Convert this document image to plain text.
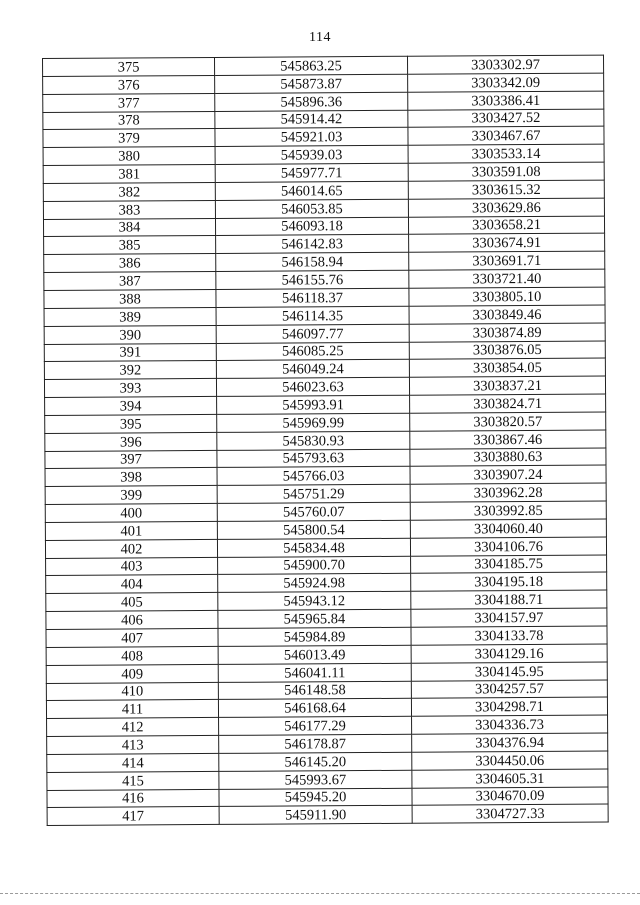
114
375	545863.25	3303302.97
376	545873.87	3303342.09
377	545896.36	3303386.41
378	545914.42	3303427.52
379	545921.03	3303467.67
380	545939.03	3303533.14
381	545977.71	3303591.08
382	546014.65	3303615.32
383	546053.85	3303629.86
384	546093.18	3303658.21
385	546142.83	3303674.91
386	546158.94	3303691.71
387	546155.76	3303721.40
388	546118.37	3303805.10
389	546114.35	3303849.46
390	546097.77	3303874.89
391	546085.25	3303876.05
392	546049.24	3303854.05
393	546023.63	3303837.21
394	545993.91	3303824.71
395	545969.99	3303820.57
396	545830.93	3303867.46
397	545793.63	3303880.63
398	545766.03	3303907.24
399	545751.29	3303962.28
400	545760.07	3303992.85
401	545800.54	3304060.40
402	545834.48	3304106.76
403	545900.70	3304185.75
404	545924.98	3304195.18
405	545943.12	3304188.71
406	545965.84	3304157.97
407	545984.89	3304133.78
408	546013.49	3304129.16
409	546041.11	3304145.95
410	546148.58	3304257.57
411	546168.64	3304298.71
412	546177.29	3304336.73
413	546178.87	3304376.94
414	546145.20	3304450.06
415	545993.67	3304605.31
416	545945.20	3304670.09
417	545911.90	3304727.33
